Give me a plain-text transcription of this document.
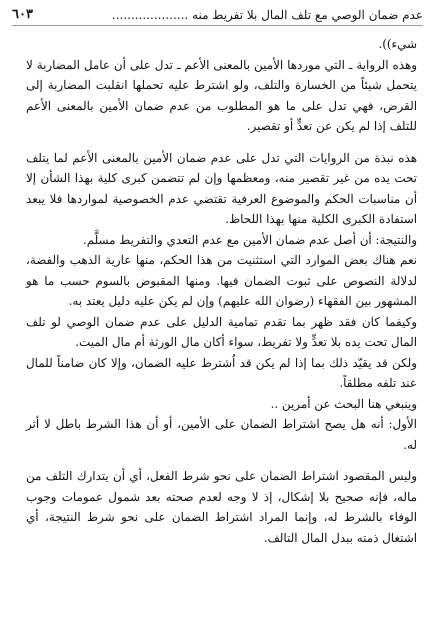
عدم ضمان الوصي مع تلف المال بلا تفريط منه ....................
٦٠٣

شيء)).

وهذه الرواية ـ التي موردها الأمين بالمعنى الأعم ـ تدل على أن عامل المضاربة لا يتحمل شيئاً من الخسارة والتلف، ولو اشترط عليه تحملها انقلبت المضاربة إلى القرض، فهي تدل على ما هو المطلوب من عدم ضمان الأمين بالمعنى الأعم للتلف إذا لم يكن عن تعدٍّ أو تقصير.

هذه نبذة من الروايات التي تدل على عدم ضمان الأمين بالمعنى الأعم لما يتلف تحت يده من غير تقصير منه، ومعظمها وإن لم تتضمن كبرى كلية بهذا الشأن إلا أن مناسبات الحكم والموضوع العرفية تقتضي عدم الخصوصية لمواردها فلا يبعد استفادة الكبرى الكلية منها بهذا اللحاظ.

والنتيجة: أن أصل عدم ضمان الأمين مع عدم التعدي والتفريط مسلَّم.

نعم هناك بعض الموارد التي استثنيت من هذا الحكم، منها عارية الذهب والفضة، لدلالة النصوص على ثبوت الضمان فيها. ومنها المقبوض بالسوم حسب ما هو المشهور بين الفقهاء (رضوان الله عليهم) وإن لم يكن عليه دليل يعتد به.

وكيفما كان فقد ظهر بما تقدم تمامية الدليل على عدم ضمان الوصي لو تلف المال تحت يده بلا تعدٍّ ولا تفريط، سواء أكان مال الورثة أم مال الميت.

ولكن قد يقيّد ذلك بما إذا لم يكن قد اُشترط عليه الضمان، وإلا كان ضامناً للمال عند تلفه مطلقاً.

وينبغي هنا البحث عن أمرين ..

الأول: أنه هل يصح اشتراط الضمان على الأمين، أو أن هذا الشرط باطل لا أثر له.

وليس المقصود اشتراط الضمان على نحو شرط الفعل، أي أن يتدارك التلف من ماله، فإنه صحيح بلا إشكال، إذ لا وجه لعدم صحته بعد شمول عمومات وجوب الوفاء بالشرط له، وإنما المراد اشتراط الضمان على نحو شرط النتيجة، أي اشتغال ذمته ببدل المال التالف.
